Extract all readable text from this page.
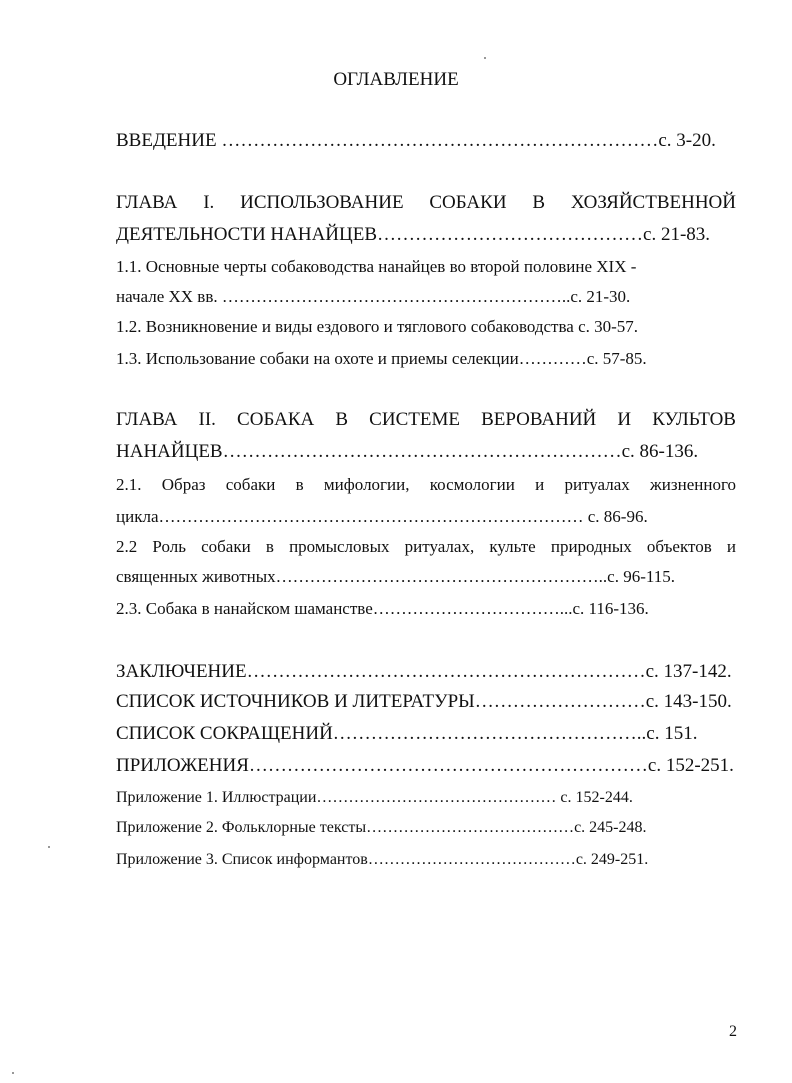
ОГЛАВЛЕНИЕ
ВВЕДЕНИЕ ……………………………………………………………с. 3-20.
ГЛАВА I. ИСПОЛЬЗОВАНИЕ СОБАКИ В ХОЗЯЙСТВЕННОЙ
ДЕЯТЕЛЬНОСТИ НАНАЙЦЕВ……………………………………с. 21-83.
1.1. Основные черты собаководства нанайцев во второй половине XIX -
начале XX вв. ……………………………………………………..с. 21-30.
1.2. Возникновение и виды ездового и тяглового собаководства с. 30-57.
1.3. Использование собаки на охоте и приемы селекции…………с. 57-85.
ГЛАВА II. СОБАКА В СИСТЕМЕ ВЕРОВАНИЙ И КУЛЬТОВ
НАНАЙЦЕВ………………………………………………………с. 86-136.
2.1. Образ собаки в мифологии, космологии и ритуалах жизненного
цикла………………………………………………………………… с. 86-96.
2.2 Роль собаки в промысловых ритуалах, культе природных объектов и
священных животных…………………………………………………..с. 96-115.
2.3. Собака в нанайском шаманстве……………………………...с. 116-136.
ЗАКЛЮЧЕНИЕ………………………………………………………с. 137-142.
СПИСОК ИСТОЧНИКОВ И ЛИТЕРАТУРЫ………………………с. 143-150.
СПИСОК СОКРАЩЕНИЙ…………………………………………..с. 151.
ПРИЛОЖЕНИЯ………………………………………………………с. 152-251.
Приложение 1. Иллюстрации……………………………………… с. 152-244.
Приложение 2. Фольклорные тексты…………………………………с. 245-248.
Приложение 3. Список информантов…………………………………с. 249-251.
2
